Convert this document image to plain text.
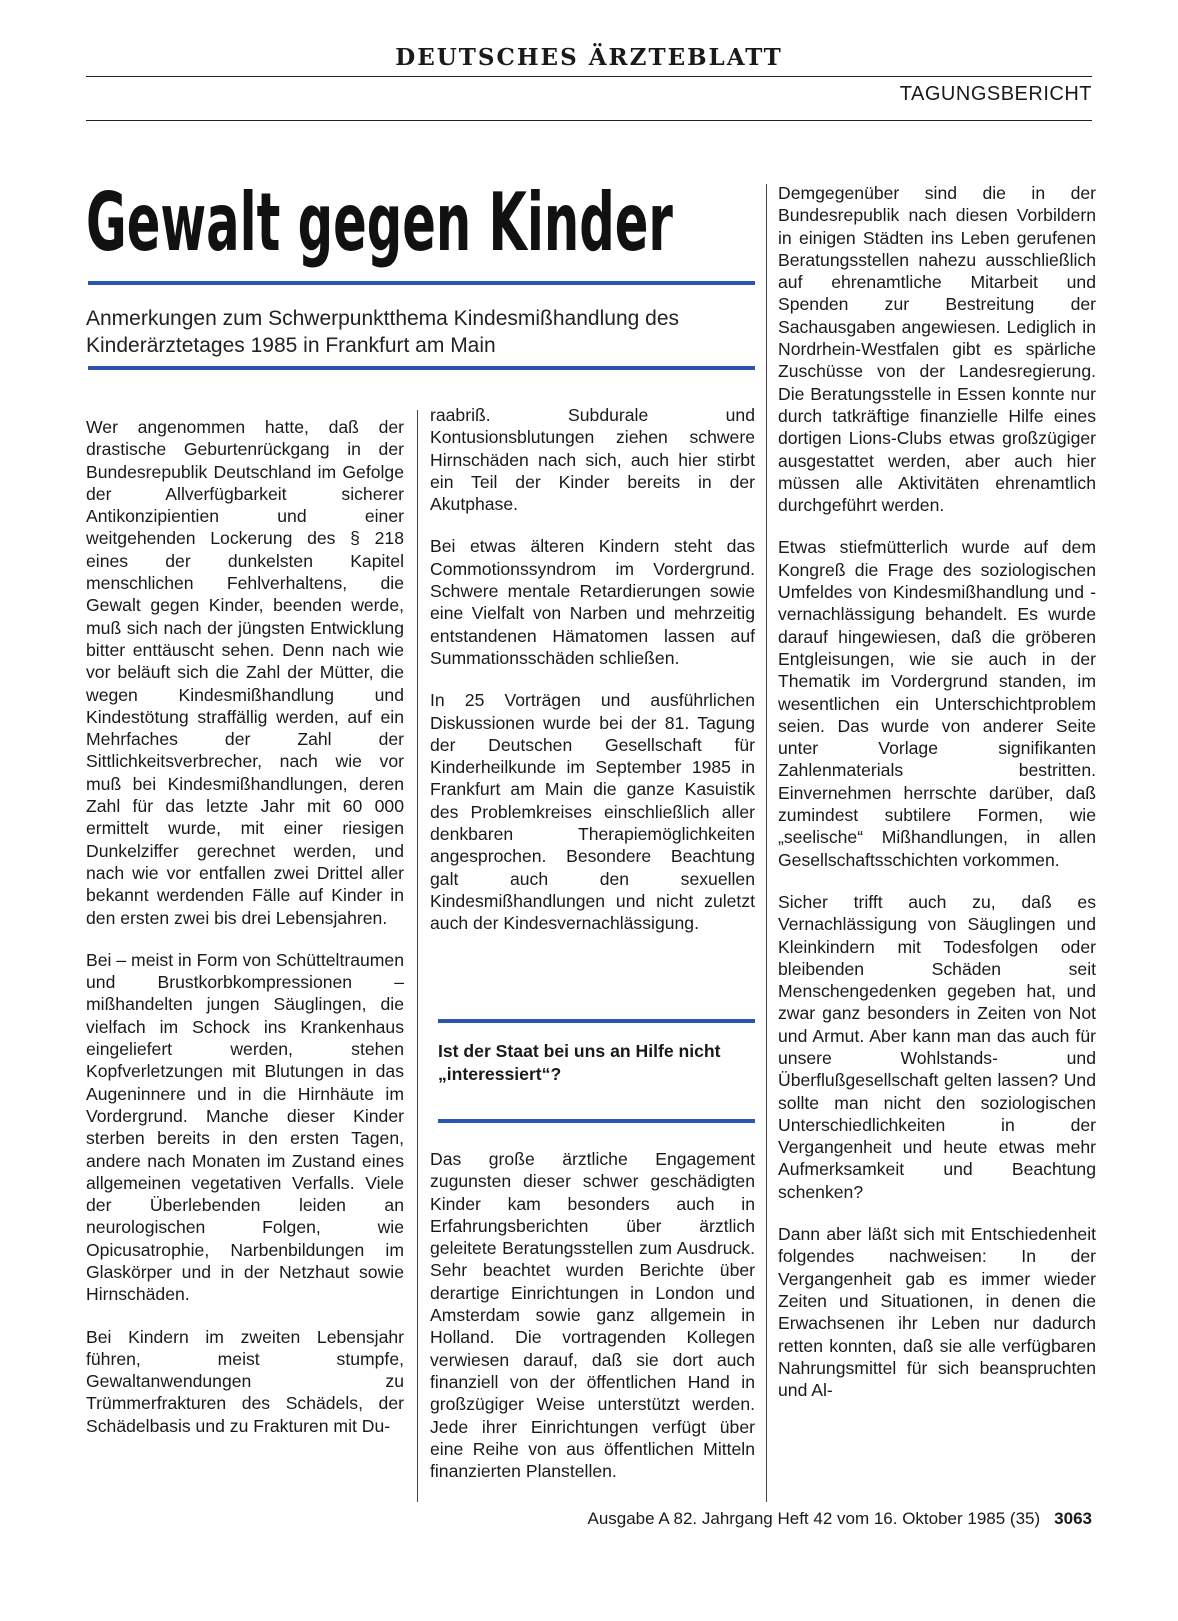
DEUTSCHES ÄRZTEBLATT
TAGUNGSBERICHT
Gewalt gegen Kinder
Anmerkungen zum Schwerpunktthema Kindesmißhandlung des Kinderärztetages 1985 in Frankfurt am Main

Wer angenommen hatte, daß der drastische Geburtenrückgang in der Bundesrepublik Deutschland im Gefolge der Allverfügbarkeit sicherer Antikonzipientien und einer weitgehenden Lockerung des § 218 eines der dunkelsten Kapitel menschlichen Fehlverhaltens, die Gewalt gegen Kinder, beenden werde, muß sich nach der jüngsten Entwicklung bitter enttäuscht sehen. Denn nach wie vor beläuft sich die Zahl der Mütter, die wegen Kindesmißhandlung und Kindestötung straffällig werden, auf ein Mehrfaches der Zahl der Sittlichkeitsverbrecher, nach wie vor muß bei Kindesmißhandlungen, deren Zahl für das letzte Jahr mit 60 000 ermittelt wurde, mit einer riesigen Dunkelziffer gerechnet werden, und nach wie vor entfallen zwei Drittel aller bekannt werdenden Fälle auf Kinder in den ersten zwei bis drei Lebensjahren.

Bei – meist in Form von Schütteltraumen und Brustkorbkompressionen – mißhandelten jungen Säuglingen, die vielfach im Schock ins Krankenhaus eingeliefert werden, stehen Kopfverletzungen mit Blutungen in das Augeninnere und in die Hirnhäute im Vordergrund. Manche dieser Kinder sterben bereits in den ersten Tagen, andere nach Monaten im Zustand eines allgemeinen vegetativen Verfalls. Viele der Überlebenden leiden an neurologischen Folgen, wie Opicusatrophie, Narbenbildungen im Glaskörper und in der Netzhaut sowie Hirnschäden.

Bei Kindern im zweiten Lebensjahr führen, meist stumpfe, Gewaltanwendungen zu Trümmerfrakturen des Schädels, der Schädelbasis und zu Frakturen mit Du-

raabriß. Subdurale und Kontusionsblutungen ziehen schwere Hirnschäden nach sich, auch hier stirbt ein Teil der Kinder bereits in der Akutphase.

Bei etwas älteren Kindern steht das Commotionssyndrom im Vordergrund. Schwere mentale Retardierungen sowie eine Vielfalt von Narben und mehrzeitig entstandenen Hämatomen lassen auf Summationsschäden schließen.

In 25 Vorträgen und ausführlichen Diskussionen wurde bei der 81. Tagung der Deutschen Gesellschaft für Kinderheilkunde im September 1985 in Frankfurt am Main die ganze Kasuistik des Problemkreises einschließlich aller denkbaren Therapiemöglichkeiten angesprochen. Besondere Beachtung galt auch den sexuellen Kindesmißhandlungen und nicht zuletzt auch der Kindesvernachlässigung.

Ist der Staat bei uns an Hilfe nicht „interessiert“?

Das große ärztliche Engagement zugunsten dieser schwer geschädigten Kinder kam besonders auch in Erfahrungsberichten über ärztlich geleitete Beratungsstellen zum Ausdruck. Sehr beachtet wurden Berichte über derartige Einrichtungen in London und Amsterdam sowie ganz allgemein in Holland. Die vortragenden Kollegen verwiesen darauf, daß sie dort auch finanziell von der öffentlichen Hand in großzügiger Weise unterstützt werden. Jede ihrer Einrichtungen verfügt über eine Reihe von aus öffentlichen Mitteln finanzierten Planstellen.

Demgegenüber sind die in der Bundesrepublik nach diesen Vorbildern in einigen Städten ins Leben gerufenen Beratungsstellen nahezu ausschließlich auf ehrenamtliche Mitarbeit und Spenden zur Bestreitung der Sachausgaben angewiesen. Lediglich in Nordrhein-Westfalen gibt es spärliche Zuschüsse von der Landesregierung. Die Beratungsstelle in Essen konnte nur durch tatkräftige finanzielle Hilfe eines dortigen Lions-Clubs etwas großzügiger ausgestattet werden, aber auch hier müssen alle Aktivitäten ehrenamtlich durchgeführt werden.

Etwas stiefmütterlich wurde auf dem Kongreß die Frage des soziologischen Umfeldes von Kindesmißhandlung und -vernachlässigung behandelt. Es wurde darauf hingewiesen, daß die gröberen Entgleisungen, wie sie auch in der Thematik im Vordergrund standen, im wesentlichen ein Unterschichtproblem seien. Das wurde von anderer Seite unter Vorlage signifikanten Zahlenmaterials bestritten. Einvernehmen herrschte darüber, daß zumindest subtilere Formen, wie „seelische“ Mißhandlungen, in allen Gesellschaftsschichten vorkommen.

Sicher trifft auch zu, daß es Vernachlässigung von Säuglingen und Kleinkindern mit Todesfolgen oder bleibenden Schäden seit Menschengedenken gegeben hat, und zwar ganz besonders in Zeiten von Not und Armut. Aber kann man das auch für unsere Wohlstands- und Überflußgesellschaft gelten lassen? Und sollte man nicht den soziologischen Unterschiedlichkeiten in der Vergangenheit und heute etwas mehr Aufmerksamkeit und Beachtung schenken?

Dann aber läßt sich mit Entschiedenheit folgendes nachweisen: In der Vergangenheit gab es immer wieder Zeiten und Situationen, in denen die Erwachsenen ihr Leben nur dadurch retten konnten, daß sie alle verfügbaren Nahrungsmittel für sich beanspruchten und Al-

Ausgabe A 82. Jahrgang Heft 42 vom 16. Oktober 1985 (35) 3063
